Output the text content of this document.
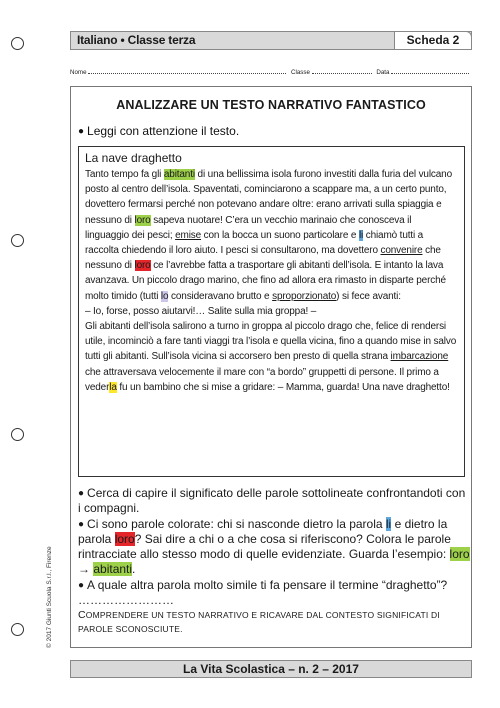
Italiano • Classe terza	Scheda 2
Nome	Classe	Data
ANALIZZARE UN TESTO NARRATIVO FANTASTICO
● Leggi con attenzione il testo.
La nave draghetto
Tanto tempo fa gli abitanti di una bellissima isola furono investiti dalla furia del vulcano posto al centro dell’isola. Spaventati, cominciarono a scappare ma, a un certo punto, dovettero fermarsi perché non potevano andare oltre: erano arrivati sulla spiaggia e nessuno di loro sapeva nuotare! C’era un vecchio marinaio che conosceva il linguaggio dei pesci; emise con la bocca un suono particolare e li chiamò tutti a raccolta chiedendo il loro aiuto. I pesci si consultarono, ma dovettero convenire che nessuno di loro ce l’avrebbe fatta a trasportare gli abitanti dell’isola. E intanto la lava avanzava. Un piccolo drago marino, che fino ad allora era rimasto in disparte perché molto timido (tutti lo consideravano brutto e sproporzionato) si fece avanti:
– Io, forse, posso aiutarvi!… Salite sulla mia groppa! –
Gli abitanti dell’isola salirono a turno in groppa al piccolo drago che, felice di rendersi utile, incominciò a fare tanti viaggi tra l’isola e quella vicina, fino a quando mise in salvo tutti gli abitanti. Sull’isola vicina si accorsero ben presto di quella strana imbarcazione che attraversava velocemente il mare con “a bordo” gruppetti di persone. Il primo a vederla fu un bambino che si mise a gridare: – Mamma, guarda! Una nave draghetto!

● Cerca di capire il significato delle parole sottolineate confrontandoti con i compagni.

● Ci sono parole colorate: chi si nasconde dietro la parola li e dietro la parola loro? Sai dire a chi o a che cosa si riferiscono? Colora le parole rintracciate allo stesso modo di quelle evidenziate. Guarda l’esempio: loro → abitanti.

● A quale altra parola molto simile ti fa pensare il termine “draghetto”? ……………………

COMPRENDERE UN TESTO NARRATIVO E RICAVARE DAL CONTESTO SIGNIFICATI DI PAROLE SCONOSCIUTE.

© 2017 Giunti Scuola S.r.l., Firenze
La Vita Scolastica – n. 2 – 2017
